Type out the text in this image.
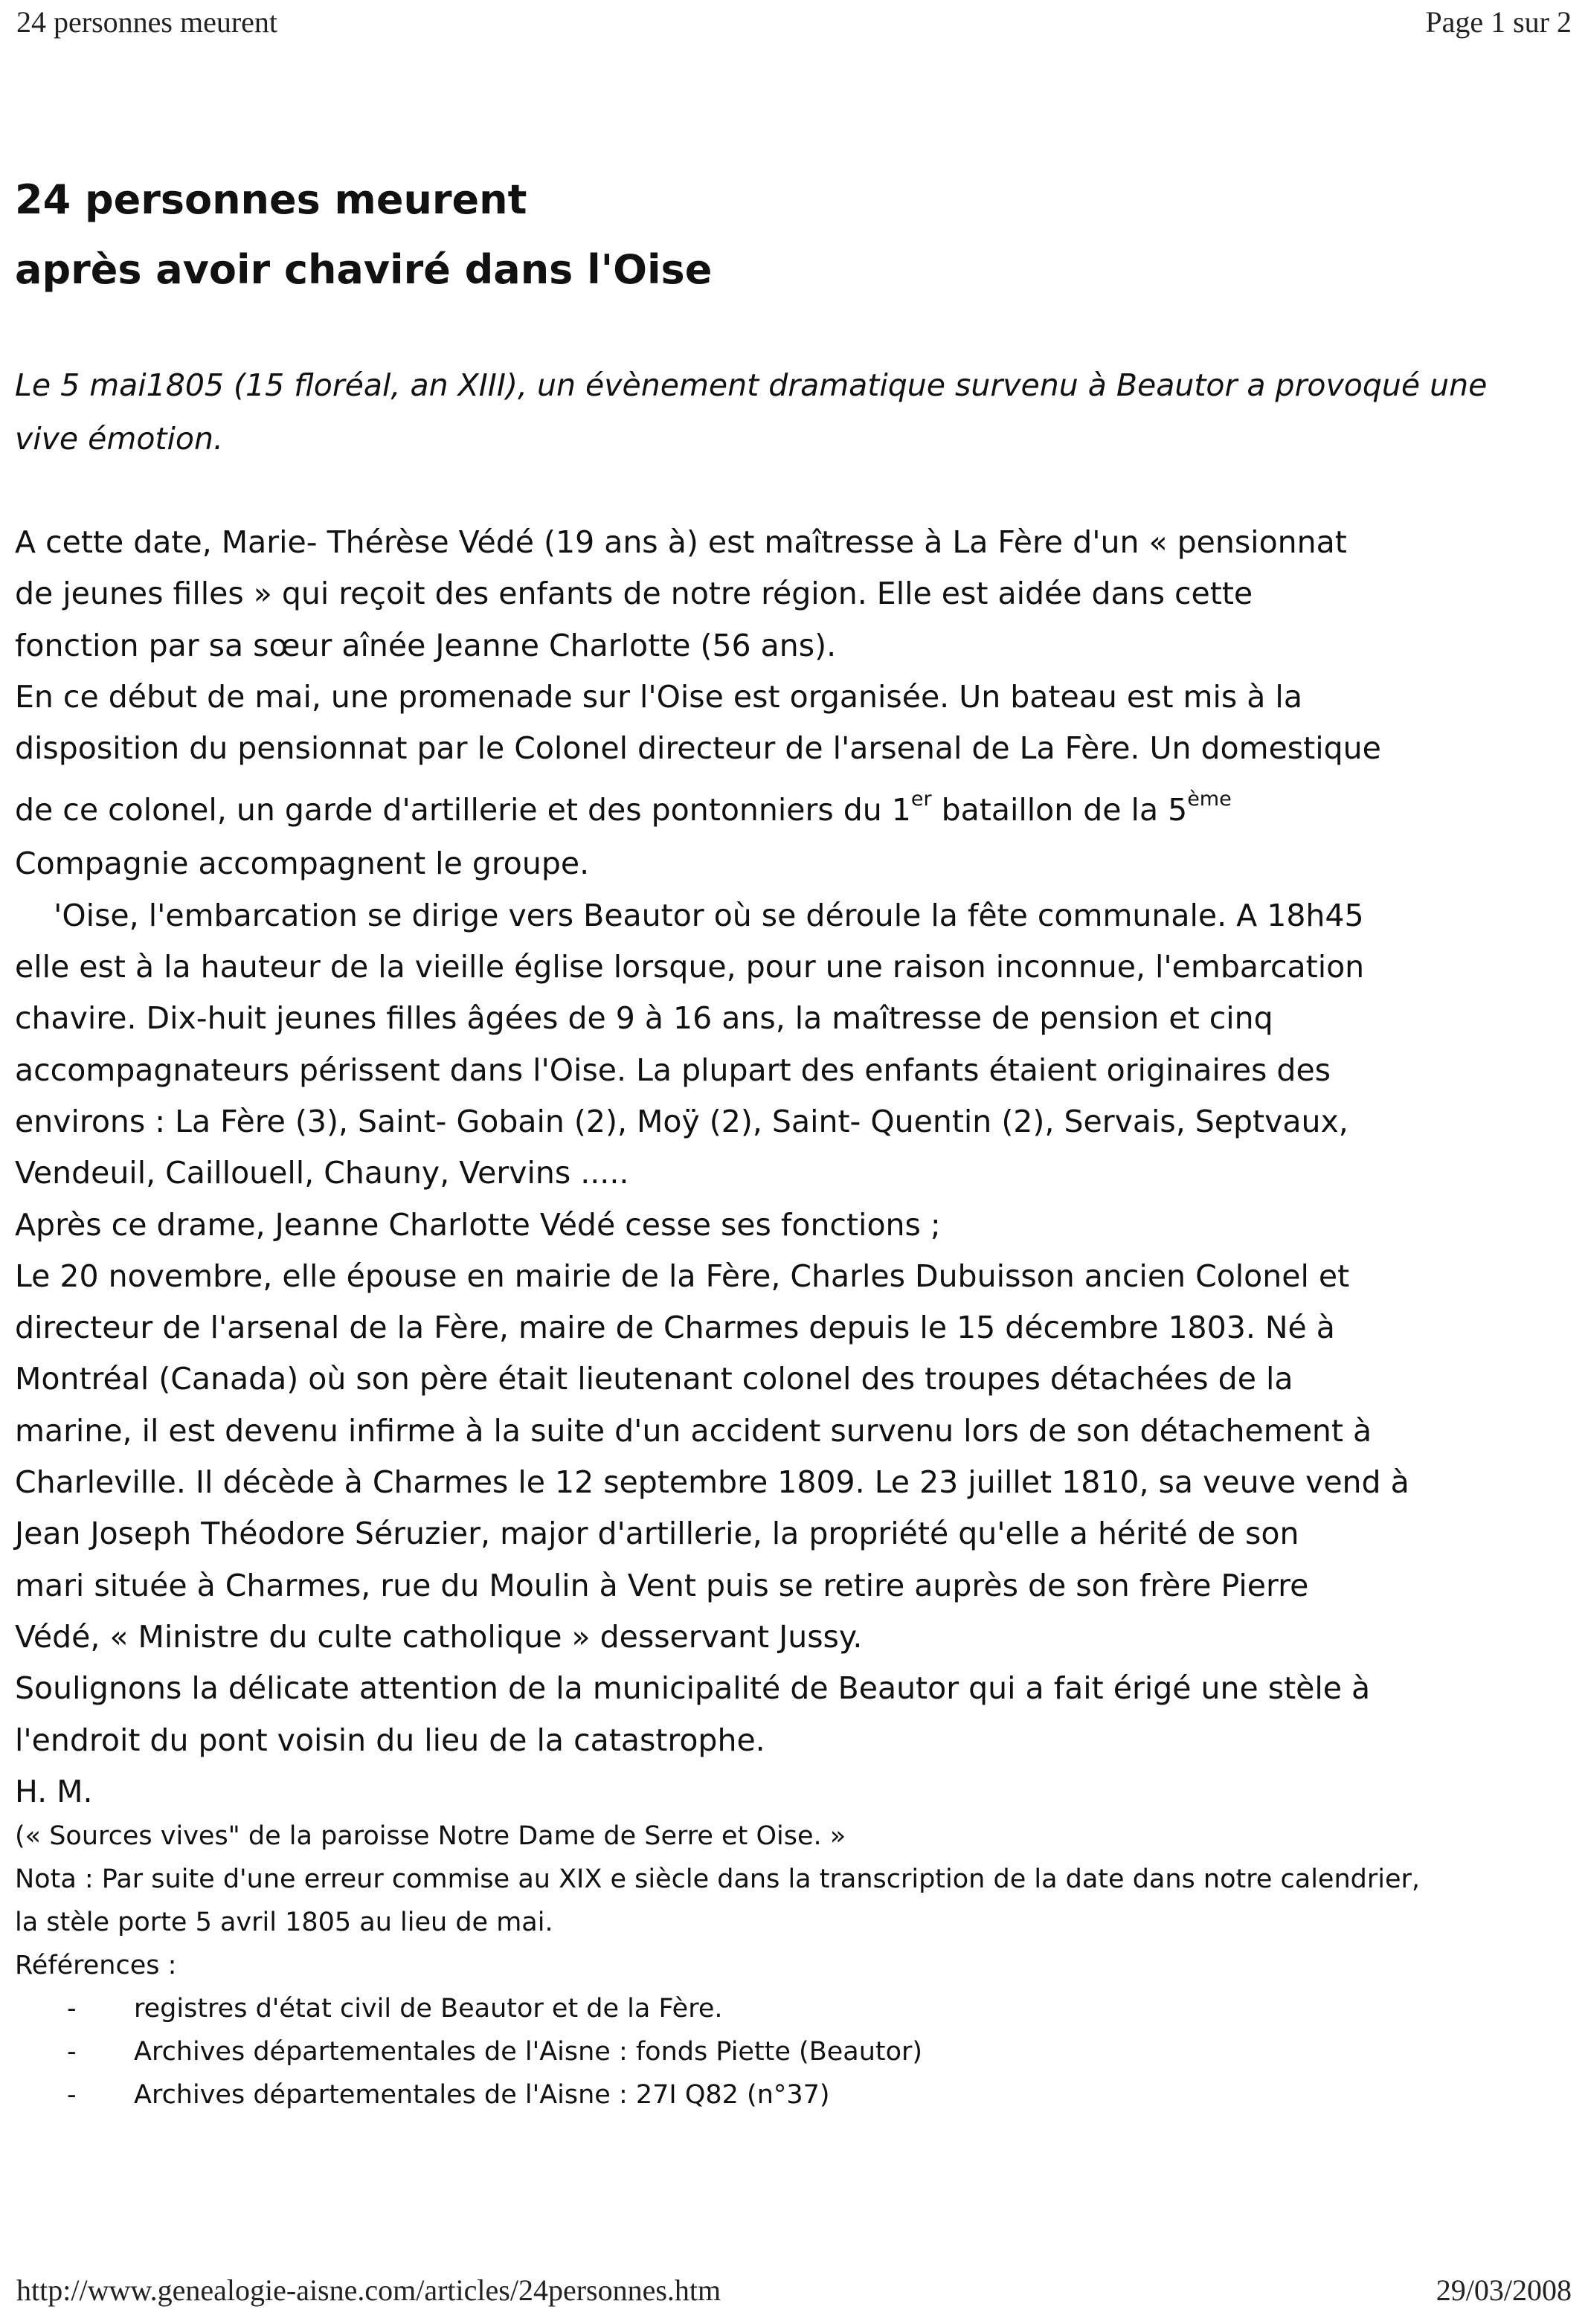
24 personnes meurent	Page 1 sur 2
24 personnes meurent
après avoir chaviré dans l'Oise
Le 5 mai1805 (15 floréal, an XIII), un évènement dramatique survenu à Beautor a provoqué une vive émotion.
A cette date, Marie- Thérèse Védé (19 ans à) est maîtresse à La Fère d'un « pensionnat
de jeunes filles » qui reçoit des enfants de notre région. Elle est aidée dans cette
fonction par sa sœur aînée Jeanne Charlotte (56 ans).
En ce début de mai, une promenade sur l'Oise est organisée. Un bateau est mis à la
disposition du pensionnat par le Colonel directeur de l'arsenal de La Fère. Un domestique
de ce colonel, un garde d'artillerie et des pontonniers du 1er bataillon de la 5ème
Compagnie accompagnent le groupe.
'Oise, l'embarcation se dirige vers Beautor où se déroule la fête communale. A 18h45
elle est à la hauteur de la vieille église lorsque, pour une raison inconnue, l'embarcation
chavire. Dix-huit jeunes filles âgées de 9 à 16 ans, la maîtresse de pension et cinq
accompagnateurs périssent dans l'Oise. La plupart des enfants étaient originaires des
environs : La Fère (3), Saint- Gobain (2), Moÿ (2), Saint- Quentin (2), Servais, Septvaux,
Vendeuil, Caillouell, Chauny, Vervins .....
Après ce drame, Jeanne Charlotte Védé cesse ses fonctions ;
Le 20 novembre, elle épouse en mairie de la Fère, Charles Dubuisson ancien Colonel et
directeur de l'arsenal de la Fère, maire de Charmes depuis le 15 décembre 1803. Né à
Montréal (Canada) où son père était lieutenant colonel des troupes détachées de la
marine, il est devenu infirme à la suite d'un accident survenu lors de son détachement à
Charleville. Il décède à Charmes le 12 septembre 1809. Le 23 juillet 1810, sa veuve vend à
Jean Joseph Théodore Séruzier, major d'artillerie, la propriété qu'elle a hérité de son
mari située à Charmes, rue du Moulin à Vent puis se retire auprès de son frère Pierre
Védé, « Ministre du culte catholique » desservant Jussy.
Soulignons la délicate attention de la municipalité de Beautor qui a fait érigé une stèle à
l'endroit du pont voisin du lieu de la catastrophe.
H. M.
(« Sources vives" de la paroisse Notre Dame de Serre et Oise. »
Nota : Par suite d'une erreur commise au XIX e siècle dans la transcription de la date dans notre calendrier,
la stèle porte 5 avril 1805 au lieu de mai.
Références :
- registres d'état civil de Beautor et de la Fère.
- Archives départementales de l'Aisne : fonds Piette (Beautor)
- Archives départementales de l'Aisne : 27I Q82 (n°37)
http://www.genealogie-aisne.com/articles/24personnes.htm	29/03/2008
